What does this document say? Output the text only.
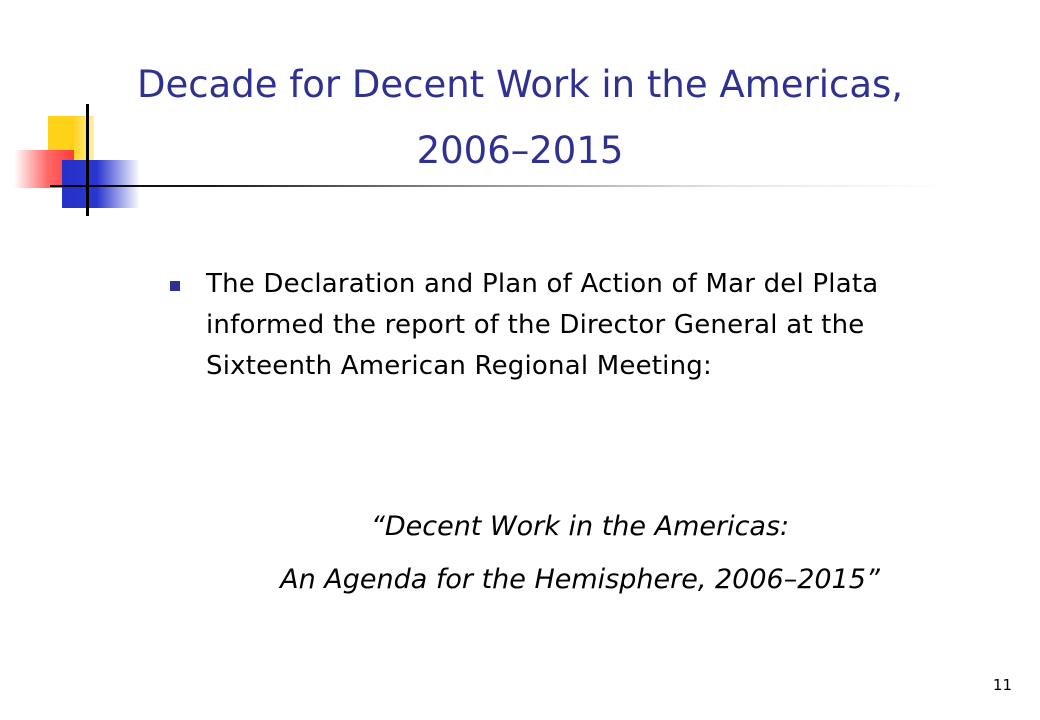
Decade for Decent Work in the Americas,
2006–2015

The Declaration and Plan of Action of Mar del Plata informed the report of the Director General at the Sixteenth American Regional Meeting:

“Decent Work in the Americas:
An Agenda for the Hemisphere, 2006–2015”
11
